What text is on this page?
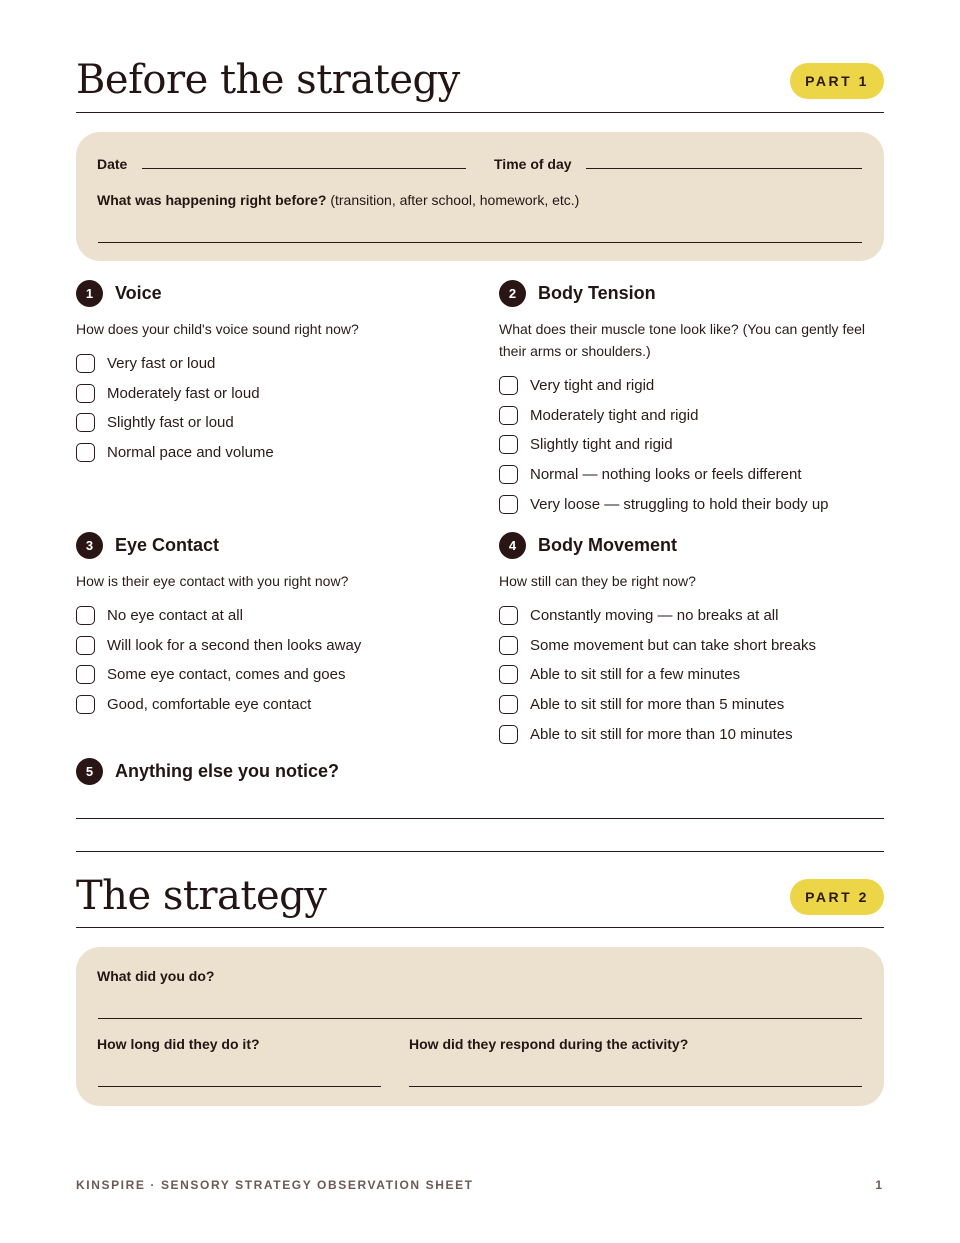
Before the strategy	PART 1
Date	Time of day
What was happening right before? (transition, after school, homework, etc.)
1	Voice

How does your child's voice sound right now?

Very fast or loud
Moderately fast or loud
Slightly fast or loud
Normal pace and volume
2	Body Tension

What does their muscle tone look like? (You can gently feel their arms or shoulders.)

Very tight and rigid
Moderately tight and rigid
Slightly tight and rigid
Normal — nothing looks or feels different
Very loose — struggling to hold their body up
3	Eye Contact

How is their eye contact with you right now?

No eye contact at all
Will look for a second then looks away
Some eye contact, comes and goes
Good, comfortable eye contact
4	Body Movement

How still can they be right now?

Constantly moving — no breaks at all
Some movement but can take short breaks
Able to sit still for a few minutes
Able to sit still for more than 5 minutes
Able to sit still for more than 10 minutes
5	Anything else you notice?
The strategy	PART 2
What did you do?
How long did they do it?	How did they respond during the activity?
KINSPIRE · SENSORY STRATEGY OBSERVATION SHEET	1
